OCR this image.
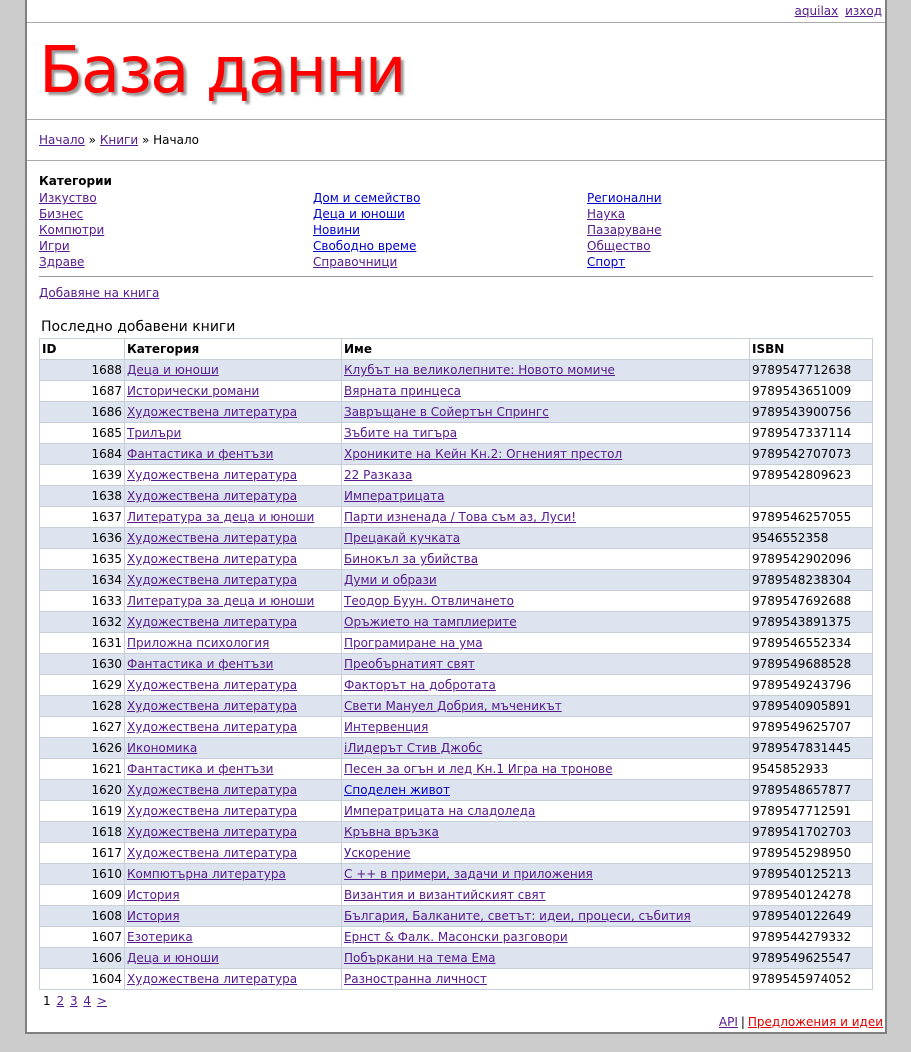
aquilax изход
База данни
Начало » Книги » Начало
Категории
Изкуство
Бизнес
Компютри
Игри
Здраве
Дом и семейство
Деца и юноши
Новини
Свободно време
Справочници
Регионални
Наука
Пазаруване
Общество
Спорт
Добавяне на книга
Последно добавени книги
ID	Категория	Име	ISBN
1688	Деца и юноши	Клубът на великолепните: Новото момиче	9789547712638
1687	Исторически романи	Вярната принцеса	9789543651009
1686	Художествена литература	Завръщане в Сойертън Спрингс	9789543900756
1685	Трилъри	Зъбите на тигъра	9789547337114
1684	Фантастика и фентъзи	Хрониките на Кейн Кн.2: Огненият престол	9789542707073
1639	Художествена литература	22 Разказа	9789542809623
1638	Художествена литература	Императрицата	
1637	Литература за деца и юноши	Парти изненада / Това съм аз, Луси!	9789546257055
1636	Художествена литература	Прецакай кучката	9546552358
1635	Художествена литература	Бинокъл за убийства	9789542902096
1634	Художествена литература	Думи и образи	9789548238304
1633	Литература за деца и юноши	Теодор Буун. Отвличането	9789547692688
1632	Художествена литература	Оръжието на тамплиерите	9789543891375
1631	Приложна психология	Програмиране на ума	9789546552334
1630	Фантастика и фентъзи	Преобърнатият свят	9789549688528
1629	Художествена литература	Факторът на добротата	9789549243796
1628	Художествена литература	Свети Мануел Добрия, мъченикът	9789540905891
1627	Художествена литература	Интервенция	9789549625707
1626	Икономика	iЛидерът Стив Джобс	9789547831445
1621	Фантастика и фентъзи	Песен за огън и лед Кн.1 Игра на тронове	9545852933
1620	Художествена литература	Споделен живот	9789548657877
1619	Художествена литература	Императрицата на сладоледа	9789547712591
1618	Художествена литература	Кръвна връзка	9789541702703
1617	Художествена литература	Ускорение	9789545298950
1610	Компютърна литература	C ++ в примери, задачи и приложения	9789540125213
1609	История	Византия и византийският свят	9789540124278
1608	История	България, Балканите, светът: идеи, процеси, събития	9789540122649
1607	Езотерика	Ернст & Фалк. Масонски разговори	9789544279332
1606	Деца и юноши	Побъркани на тема Ема	9789549625547
1604	Художествена литература	Разностранна личност	9789545974052
1 2 3 4 >
API | Предложения и идеи
